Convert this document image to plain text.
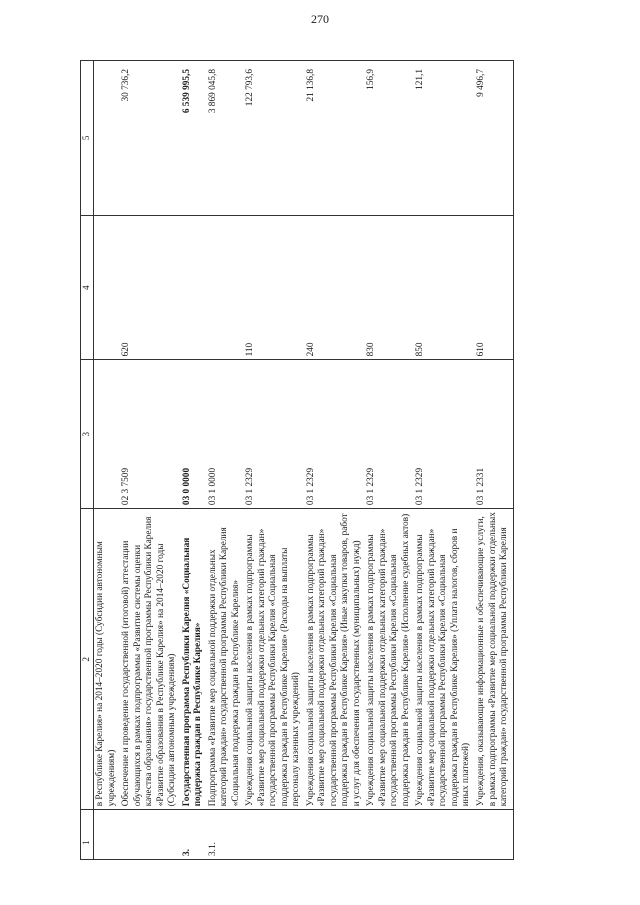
270
1	2	3	4	5
	в Республике Карелия» на 2014–2020 годы (Субсидии автономным учреждениям)			
	Обеспечение и проведение государственной (итоговой) аттестации обучающихся в рамках подпрограммы «Развитие системы оценки качества образования» государственной программы Республики Карелия «Развитие образования в Республике Карелия» на 2014–2020 годы (Субсидии автономным учреждениям)	02 3 7509	620	30 736,2
3.	Государственная программа Республики Карелия «Социальная поддержка граждан в Республике Карелия»	03 0 0000		6 539 995,5
3.1.	Подпрограмма «Развитие мер социальной поддержки отдельных категорий граждан» государственной программы Республики Карелия «Социальная поддержка граждан в Республике Карелия»	03 1 0000		3 869 045,8
	Учреждения социальной защиты населения в рамках подпрограммы «Развитие мер социальной поддержки отдельных категорий граждан» государственной программы Республики Карелия «Социальная поддержка граждан в Республике Карелия» (Расходы на выплаты персоналу казенных учреждений)	03 1 2329	110	122 793,6
	Учреждения социальной защиты населения в рамках подпрограммы «Развитие мер социальной поддержки отдельных категорий граждан» государственной программы Республики Карелия «Социальная поддержка граждан в Республике Карелия» (Иные закупки товаров, работ и услуг для обеспечения государственных (муниципальных) нужд)	03 1 2329	240	21 136,8
	Учреждения социальной защиты населения в рамках подпрограммы «Развитие мер социальной поддержки отдельных категорий граждан» государственной программы Республики Карелия «Социальная поддержка граждан в Республике Карелия» (Исполнение судебных актов)	03 1 2329	830	156,9
	Учреждения социальной защиты населения в рамках подпрограммы «Развитие мер социальной поддержки отдельных категорий граждан» государственной программы Республики Карелия «Социальная поддержка граждан в Республике Карелия» (Уплата налогов, сборов и иных платежей)	03 1 2329	850	121,1
	Учреждения, оказывающие информационные и обеспечивающие услуги, в рамках подпрограммы «Развитие мер социальной поддержки отдельных категорий граждан» государственной программы Республики Карелия	03 1 2331	610	9 496,7
